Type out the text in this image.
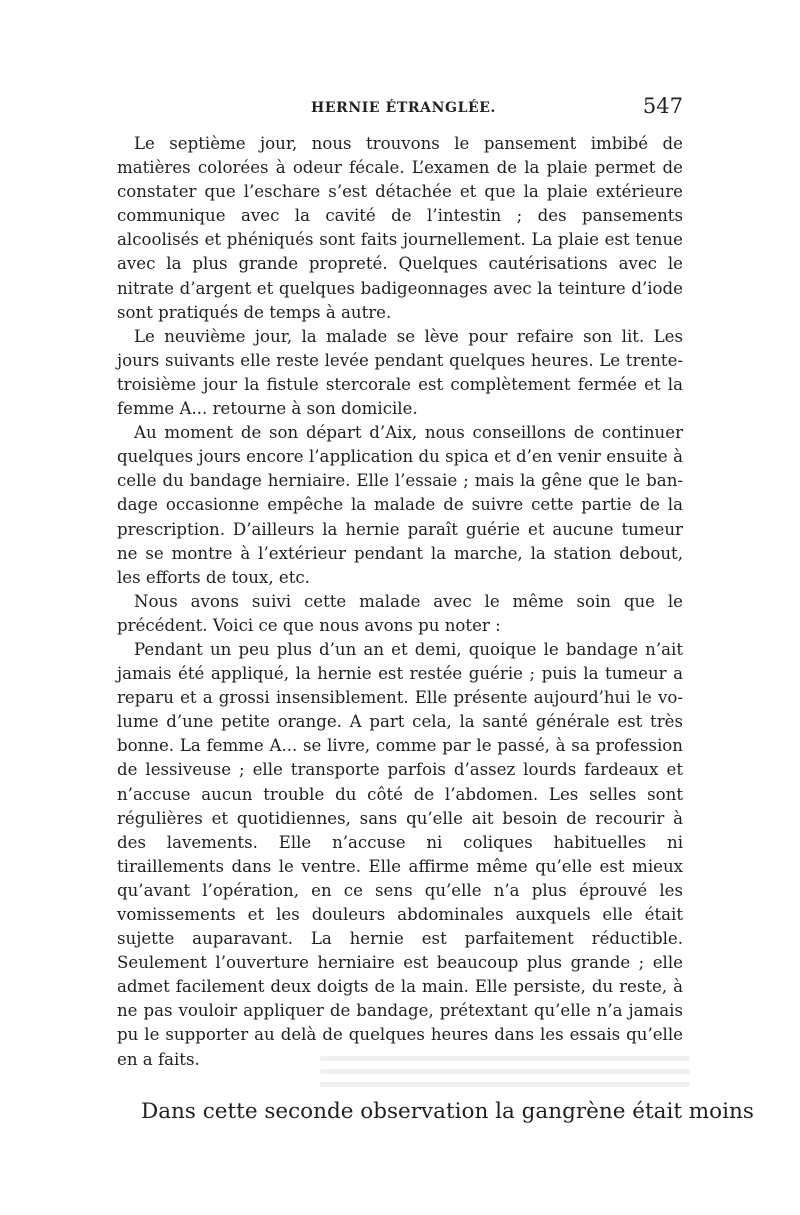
HERNIE ÉTRANGLÉE.	547

Le septième jour, nous trouvons le pansement imbibé de matières colorées à odeur fécale. L’examen de la plaie permet de constater que l’eschare s’est détachée et que la plaie extérieure communique avec la cavité de l’intestin ; des pansements alcoolisés et phéniqués sont faits journellement. La plaie est tenue avec la plus grande propreté. Quelques cautérisations avec le nitrate d’argent et quelques badigeonnages avec la teinture d’iode sont pratiqués de temps à autre.

Le neuvième jour, la malade se lève pour refaire son lit. Les jours suivants elle reste levée pendant quelques heures. Le trente-troisième jour la fistule stercorale est complètement fermée et la femme A... retourne à son domicile.

Au moment de son départ d’Aix, nous conseillons de continuer quelques jours encore l’application du spica et d’en venir ensuite à celle du bandage herniaire. Elle l’essaie ; mais la gêne que le bandage occasionne empêche la malade de suivre cette partie de la prescription. D’ailleurs la hernie paraît guérie et aucune tumeur ne se montre à l’extérieur pendant la marche, la station debout, les efforts de toux, etc.

Nous avons suivi cette malade avec le même soin que le précédent. Voici ce que nous avons pu noter :

Pendant un peu plus d’un an et demi, quoique le bandage n’ait jamais été appliqué, la hernie est restée guérie ; puis la tumeur a reparu et a grossi insensiblement. Elle présente aujourd’hui le volume d’une petite orange. A part cela, la santé générale est très bonne. La femme A... se livre, comme par le passé, à sa profession de lessiveuse ; elle transporte parfois d’assez lourds fardeaux et n’accuse aucun trouble du côté de l’abdomen. Les selles sont régulières et quotidiennes, sans qu’elle ait besoin de recourir à des lavements. Elle n’accuse ni coliques habituelles ni tiraillements dans le ventre. Elle affirme même qu’elle est mieux qu’avant l’opération, en ce sens qu’elle n’a plus éprouvé les vomissements et les douleurs abdominales auxquels elle était sujette auparavant. La hernie est parfaitement réductible. Seulement l’ouverture herniaire est beaucoup plus grande ; elle admet facilement deux doigts de la main. Elle persiste, du reste, à ne pas vouloir appliquer de bandage, prétextant qu’elle n’a jamais pu le supporter au delà de quelques heures dans les essais qu’elle en a faits.

Dans cette seconde observation la gangrène était moins
